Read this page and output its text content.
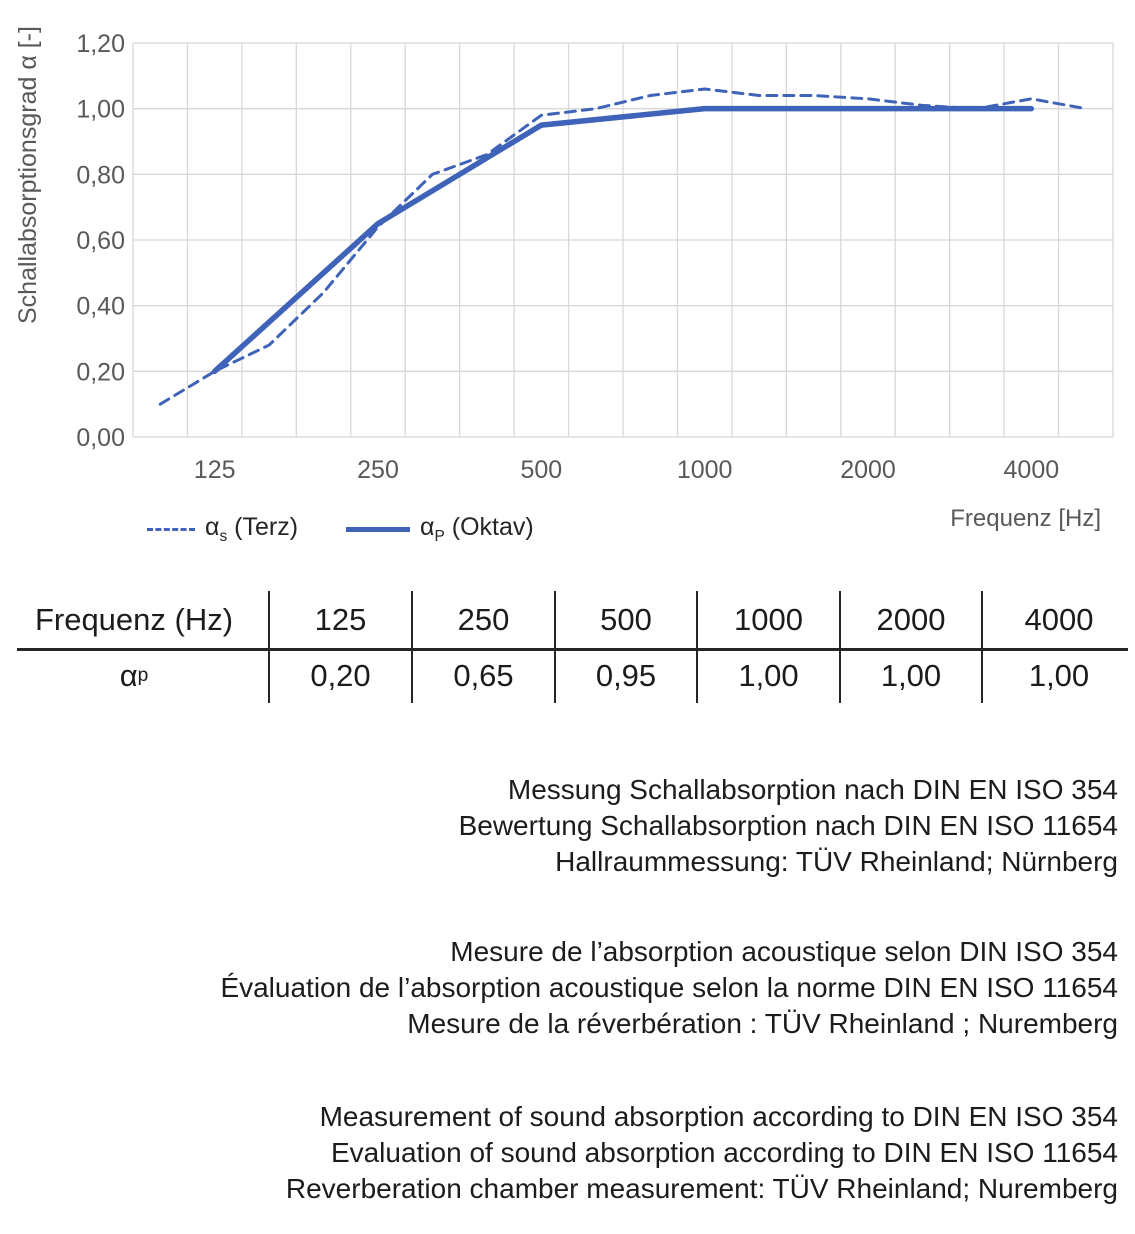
1,20
1,00
0,80
0,60
0,40
0,20
0,00
125	250	500	1000	2000	4000
Schallabsorptionsgrad α [-]
Frequenz [Hz]
$\alpha_s$ (Terz)	$\alpha_P$ (Oktav)
Frequenz (Hz)	125	250	500	1000	2000	4000
α p	0,20	0,65	0,95	1,00	1,00	1,00
Messung Schallabsorption nach DIN EN ISO 354
Bewertung Schallabsorption nach DIN EN ISO 11654
Hallraummessung: TÜV Rheinland; Nürnberg
Mesure de l’absorption acoustique selon DIN ISO 354
Évaluation de l’absorption acoustique selon la norme DIN EN ISO 11654
Mesure de la réverbération : TÜV Rheinland ; Nuremberg
Measurement of sound absorption according to DIN EN ISO 354
Evaluation of sound absorption according to DIN EN ISO 11654
Reverberation chamber measurement: TÜV Rheinland; Nuremberg
